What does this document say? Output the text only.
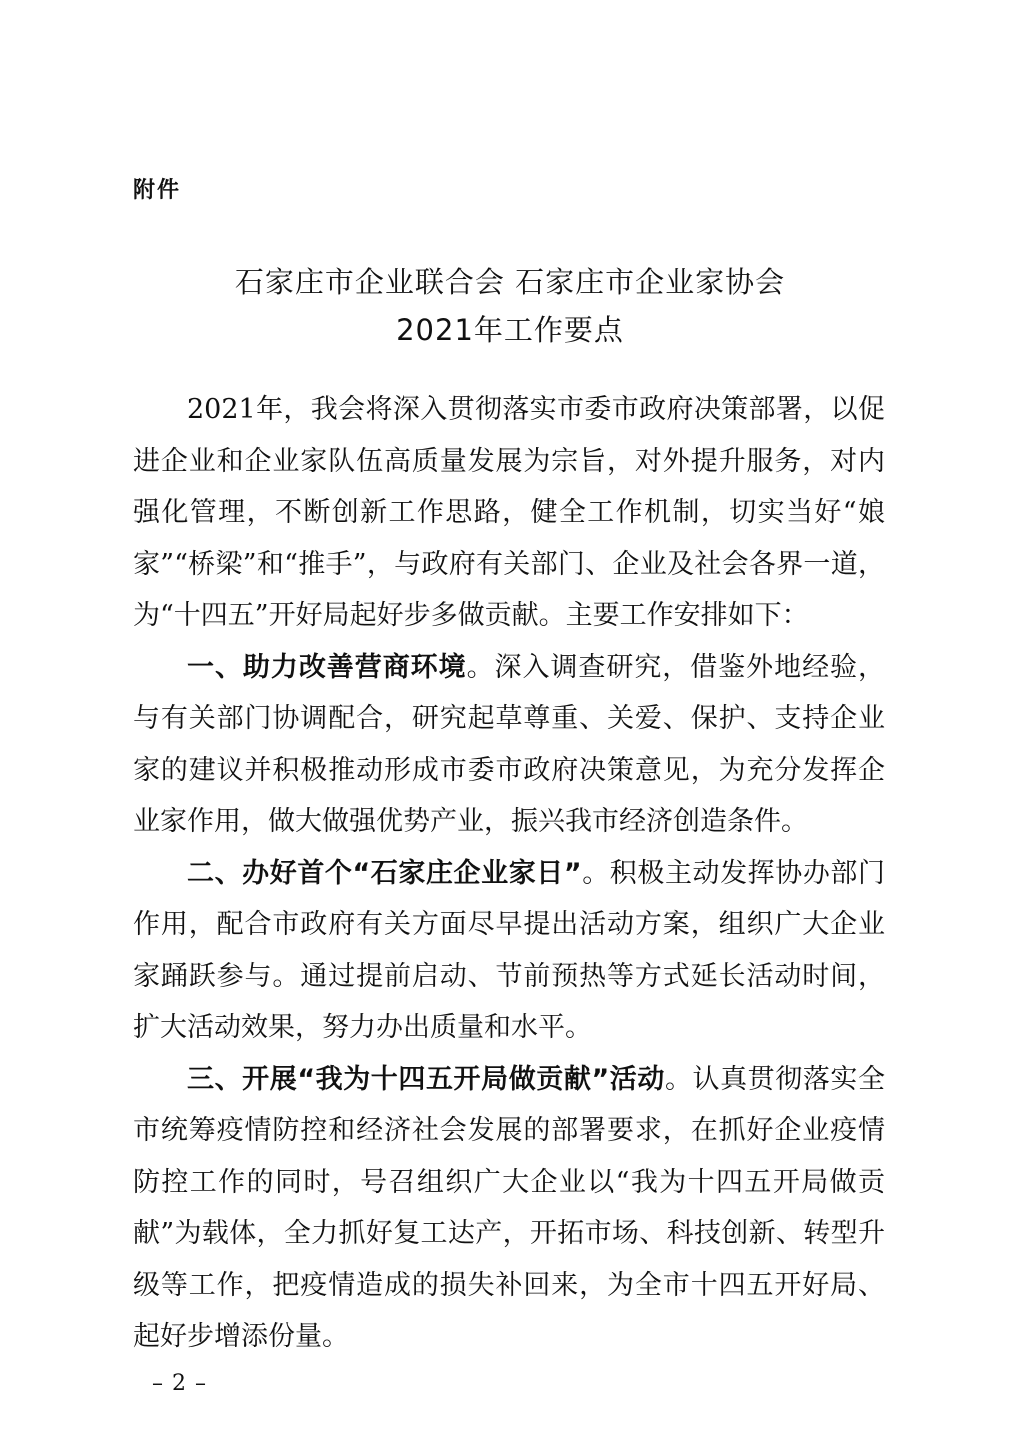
附件
石家庄市企业联合会 石家庄市企业家协会
2021年工作要点

2021年，我会将深入贯彻落实市委市政府决策部署，以促进企业和企业家队伍高质量发展为宗旨，对外提升服务，对内强化管理，不断创新工作思路，健全工作机制，切实当好“娘家”“桥梁”和“推手”，与政府有关部门、企业及社会各界一道，为“十四五”开好局起好步多做贡献。主要工作安排如下：

一、助力改善营商环境。深入调查研究，借鉴外地经验，与有关部门协调配合，研究起草尊重、关爱、保护、支持企业家的建议并积极推动形成市委市政府决策意见，为充分发挥企业家作用，做大做强优势产业，振兴我市经济创造条件。

二、办好首个“石家庄企业家日”。积极主动发挥协办部门作用，配合市政府有关方面尽早提出活动方案，组织广大企业家踊跃参与。通过提前启动、节前预热等方式延长活动时间，扩大活动效果，努力办出质量和水平。

三、开展“我为十四五开局做贡献”活动。认真贯彻落实全市统筹疫情防控和经济社会发展的部署要求，在抓好企业疫情防控工作的同时，号召组织广大企业以“我为十四五开局做贡献”为载体，全力抓好复工达产，开拓市场、科技创新、转型升级等工作，把疫情造成的损失补回来，为全市十四五开好局、起好步增添份量。

– 2 –
